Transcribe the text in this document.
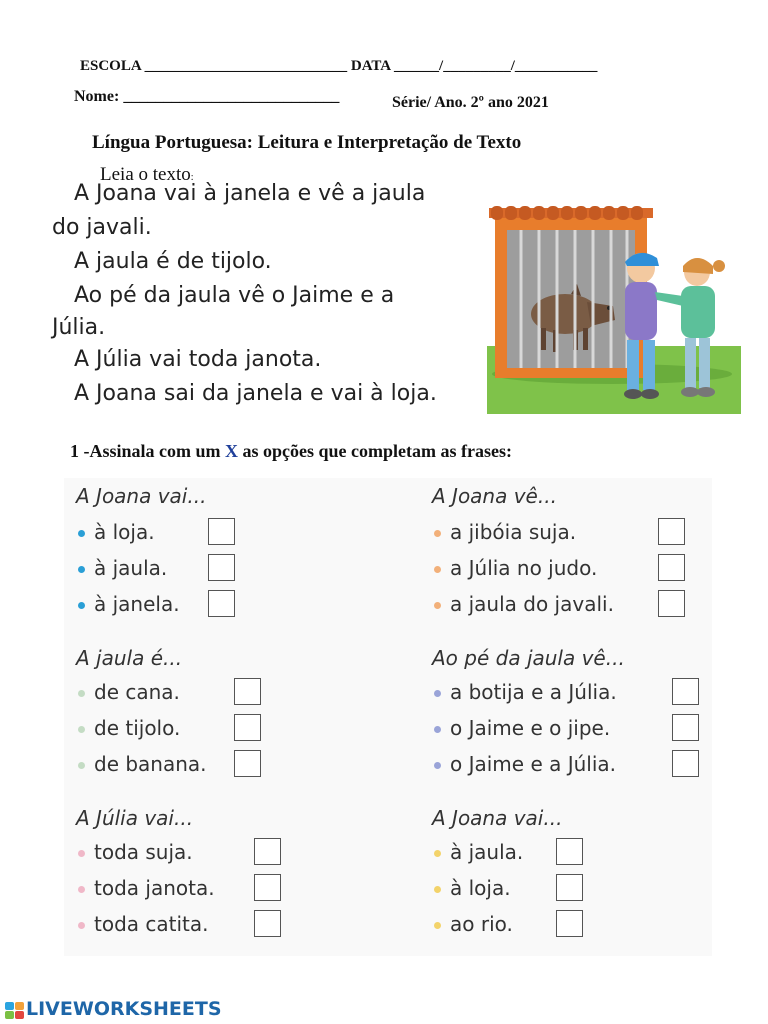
ESCOLA ___________________________ DATA ______/_________/___________
Nome: ___________________________	Série/ Ano. 2º ano 2021
Língua Portuguesa: Leitura e Interpretação de Texto
Leia o texto:
A Joana vai à janela e vê a jaula
do javali.
A jaula é de tijolo.
Ao pé da jaula vê o Jaime e a
Júlia.
A Júlia vai toda janota.
A Joana sai da janela e vai à loja.
1 -Assinala com um X as opções que completam as frases:
A Joana vai...
à loja.
à jaula.
à janela.
A Joana vê...
a jibóia suja.
a Júlia no judo.
a jaula do javali.
A jaula é...
de cana.
de tijolo.
de banana.
Ao pé da jaula vê...
a botija e a Júlia.
o Jaime e o jipe.
o Jaime e a Júlia.
A Júlia vai...
toda suja.
toda janota.
toda catita.
A Joana vai...
à jaula.
à loja.
ao rio.
LIVEWORKSHEETS
